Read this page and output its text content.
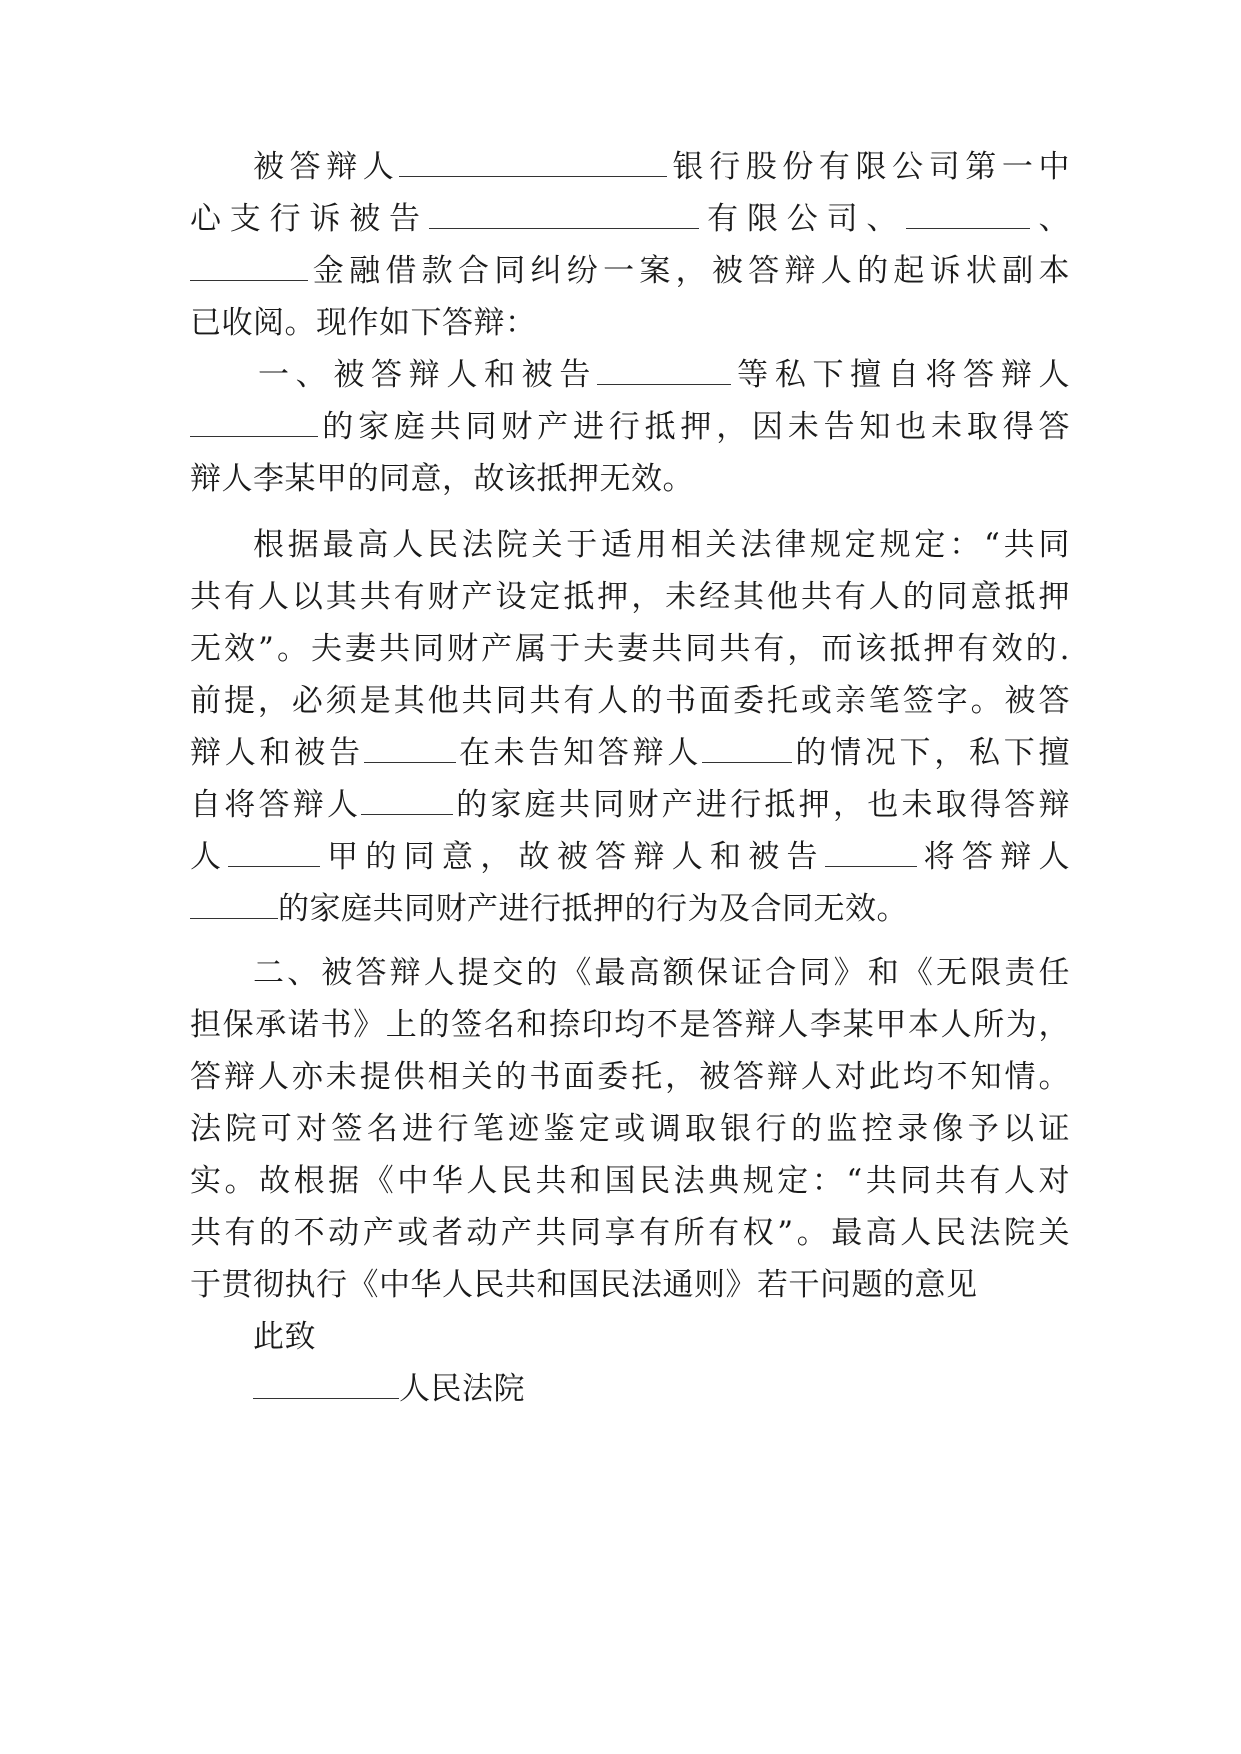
被答辩人	银行股份有限公司第一中
心支行诉被告	有限公司、	、
金融借款合同纠纷一案，被答辩人的起诉状副本
已收阅。现作如下答辩：
一、被答辩人和被告	等私下擅自将答辩人
的家庭共同财产进行抵押，因未告知也未取得答
辩人李某甲的同意，故该抵押无效。
根据最高人民法院关于适用相关法律规定规定：“共同
共有人以其共有财产设定抵押，未经其他共有人的同意抵押
无效”。夫妻共同财产属于夫妻共同共有，而该抵押有效的.
前提，必须是其他共同共有人的书面委托或亲笔签字。被答
辩人和被告	在未告知答辩人	的情况下，私下擅
自将答辩人	的家庭共同财产进行抵押，也未取得答辩
人	甲的同意，故被答辩人和被告	将答辩人
的家庭共同财产进行抵押的行为及合同无效。
二、被答辩人提交的《最高额保证合同》和《无限责任
担保承诺书》上的签名和捺印均不是答辩人李某甲本人所为，
答辩人亦未提供相关的书面委托，被答辩人对此均不知情。
法院可对签名进行笔迹鉴定或调取银行的监控录像予以证
实。故根据《中华人民共和国民法典规定：“共同共有人对
共有的不动产或者动产共同享有所有权”。最高人民法院关
于贯彻执行《中华人民共和国民法通则》若干问题的意见
此致
人民法院
